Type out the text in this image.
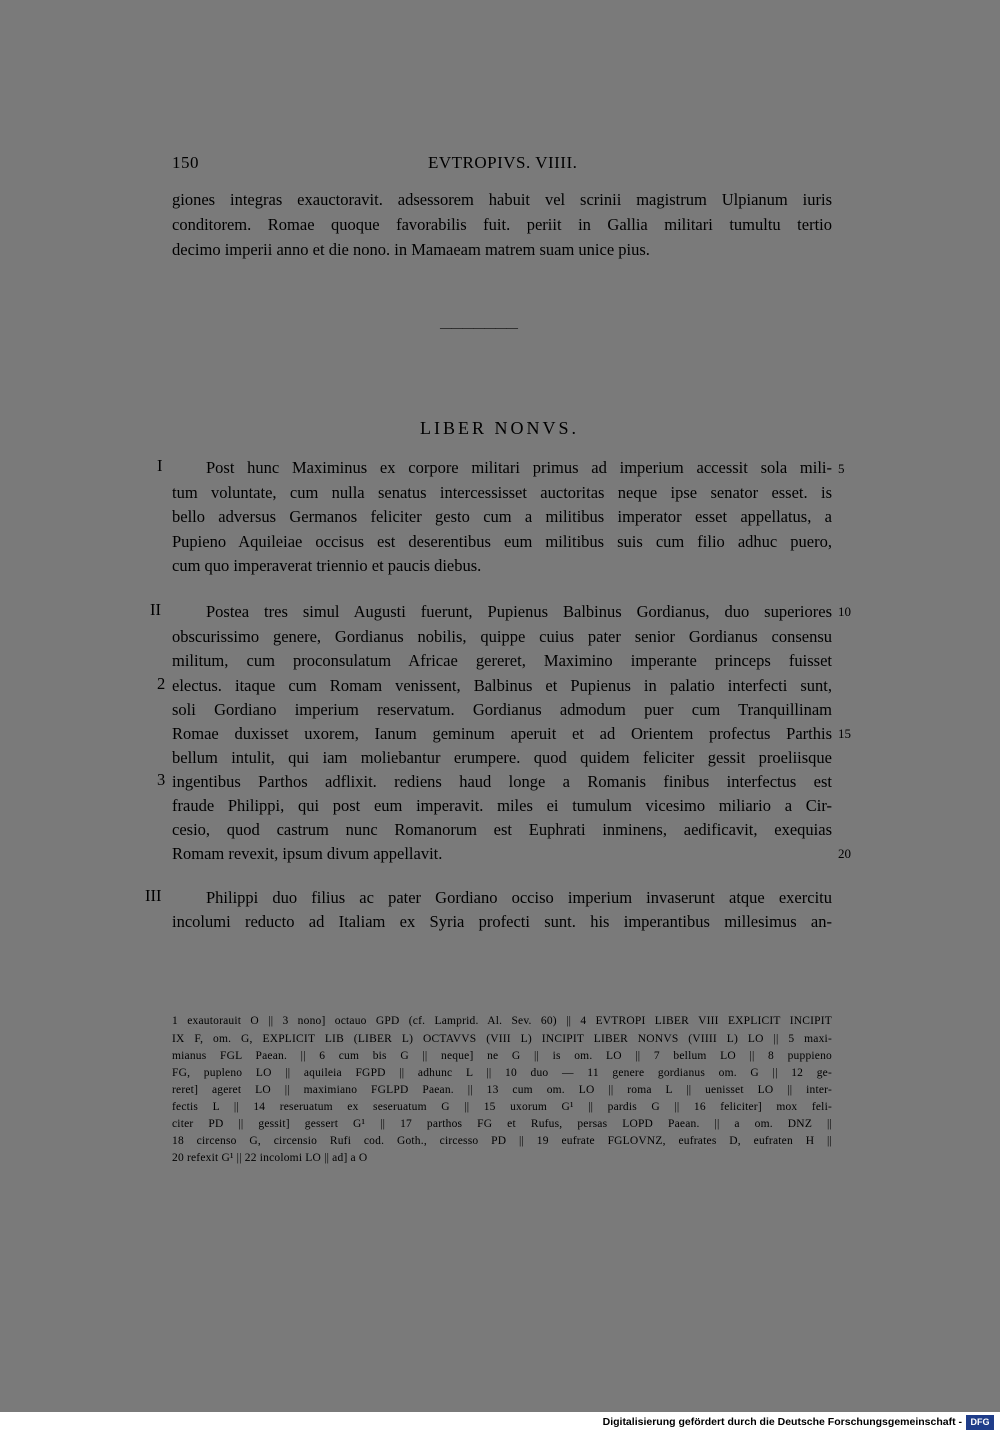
150	EVTROPIVS. VIIII.
giones integras exauctoravit. adsessorem habuit vel scrinii magistrum Ulpianum iuris
conditorem. Romae quoque favorabilis fuit. periit in Gallia militari tumultu tertio
decimo imperii anno et die nono. in Mamaeam matrem suam unice pius.
———————
LIBER NONVS.
I	Post hunc Maximinus ex corpore militari primus ad imperium accessit sola mili- 5
tum voluntate, cum nulla senatus intercessisset auctoritas neque ipse senator esset. is
bello adversus Germanos feliciter gesto cum a militibus imperator esset appellatus, a
Pupieno Aquileiae occisus est deserentibus eum militibus suis cum filio adhuc puero,
cum quo imperaverat triennio et paucis diebus.
II	Postea tres simul Augusti fuerunt, Pupienus Balbinus Gordianus, duo superiores 10
obscurissimo genere, Gordianus nobilis, quippe cuius pater senior Gordianus consensu
militum, cum proconsulatum Africae gereret, Maximino imperante princeps fuisset
2 electus. itaque cum Romam venissent, Balbinus et Pupienus in palatio interfecti sunt,
soli Gordiano imperium reservatum. Gordianus admodum puer cum Tranquillinam
Romae duxisset uxorem, Ianum geminum aperuit et ad Orientem profectus Parthis 15
bellum intulit, qui iam moliebantur erumpere. quod quidem feliciter gessit proeliisque
3 ingentibus Parthos adflixit. rediens haud longe a Romanis finibus interfectus est
fraude Philippi, qui post eum imperavit. miles ei tumulum vicesimo miliario a Cir-
cesio, quod castrum nunc Romanorum est Euphrati inminens, aedificavit, exequias
Romam revexit, ipsum divum appellavit.	20
III	Philippi duo filius ac pater Gordiano occiso imperium invaserunt atque exercitu
incolumi reducto ad Italiam ex Syria profecti sunt. his imperantibus millesimus an-
1 exautorauit O || 3 nono] octauo GPD (cf. Lamprid. Al. Sev. 60) || 4 EVTROPI LIBER VIII EXPLICIT INCIPIT
IX F, om. G, EXPLICIT LIB (LIBER L) OCTAVVS (VIII L) INCIPIT LIBER NONVS (VIIII L) LO || 5 maxi-
mianus FGL Paean. || 6 cum bis G || neque] ne G || is om. LO || 7 bellum LO || 8 puppieno
FG, pupleno LO || aquileia FGPD || adhunc L || 10 duo — 11 genere gordianus om. G || 12 ge-
reret] ageret LO || maximiano FGLPD Paean. || 13 cum om. LO || roma L || uenisset LO || inter-
fectis L || 14 reseruatum ex seseruatum G || 15 uxorum G¹ || pardis G || 16 feliciter] mox feli-
citer PD || gessit] gessert G¹ || 17 parthos FG et Rufus, persas LOPD Paean. || a om. DNZ ||
18 circenso G, circensio Rufi cod. Goth., circesso PD || 19 eufrate FGLOVNZ, eufrates D, eufraten H ||
20 refexit G¹ || 22 incolomi LO || ad] a O
Digitalisierung gefördert durch die Deutsche Forschungsgemeinschaft - DFG
